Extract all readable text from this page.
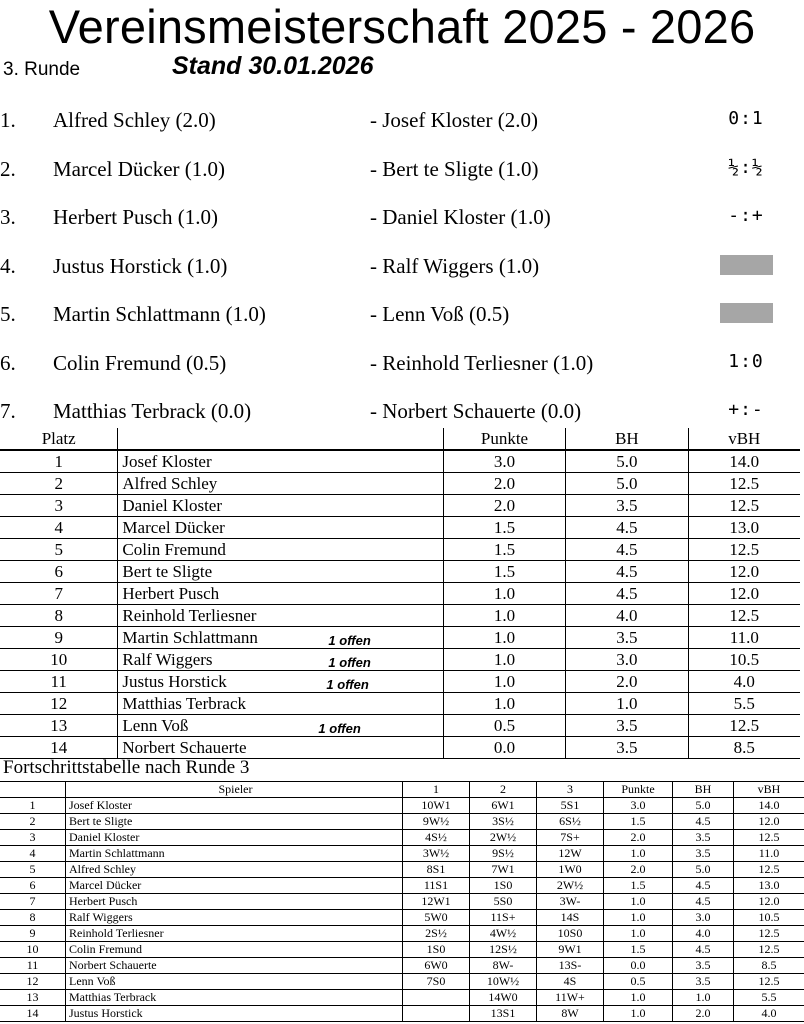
Vereinsmeisterschaft 2025 - 2026
3. Runde	Stand 30.01.2026
1. Alfred Schley (2.0)	- Josef Kloster (2.0)	0:1
2. Marcel Dücker (1.0)	- Bert te Sligte (1.0)	½:½
3. Herbert Pusch (1.0)	- Daniel Kloster (1.0)	-:+
4. Justus Horstick (1.0)	- Ralf Wiggers (1.0)
5. Martin Schlattmann (1.0)	- Lenn Voß (0.5)
6. Colin Fremund (0.5)	- Reinhold Terliesner (1.0)	1:0
7. Matthias Terbrack (0.0)	- Norbert Schauerte (0.0)	+:-
Platz		Punkte	BH	vBH
1	Josef Kloster	3.0	5.0	14.0
2	Alfred Schley	2.0	5.0	12.5
3	Daniel Kloster	2.0	3.5	12.5
4	Marcel Dücker	1.5	4.5	13.0
5	Colin Fremund	1.5	4.5	12.5
6	Bert te Sligte	1.5	4.5	12.0
7	Herbert Pusch	1.0	4.5	12.0
8	Reinhold Terliesner	1.0	4.0	12.5
9	Martin Schlattmann 1 offen	1.0	3.5	11.0
10	Ralf Wiggers 1 offen	1.0	3.0	10.5
11	Justus Horstick 1 offen	1.0	2.0	4.0
12	Matthias Terbrack	1.0	1.0	5.5
13	Lenn Voß 1 offen	0.5	3.5	12.5
14	Norbert Schauerte	0.0	3.5	8.5
Fortschrittstabelle nach Runde 3
	Spieler	1	2	3	Punkte	BH	vBH
1	Josef Kloster	10W1	6W1	5S1	3.0	5.0	14.0
2	Bert te Sligte	9W½	3S½	6S½	1.5	4.5	12.0
3	Daniel Kloster	4S½	2W½	7S+	2.0	3.5	12.5
4	Martin Schlattmann	3W½	9S½	12W	1.0	3.5	11.0
5	Alfred Schley	8S1	7W1	1W0	2.0	5.0	12.5
6	Marcel Dücker	11S1	1S0	2W½	1.5	4.5	13.0
7	Herbert Pusch	12W1	5S0	3W-	1.0	4.5	12.0
8	Ralf Wiggers	5W0	11S+	14S	1.0	3.0	10.5
9	Reinhold Terliesner	2S½	4W½	10S0	1.0	4.0	12.5
10	Colin Fremund	1S0	12S½	9W1	1.5	4.5	12.5
11	Norbert Schauerte	6W0	8W-	13S-	0.0	3.5	8.5
12	Lenn Voß	7S0	10W½	4S	0.5	3.5	12.5
13	Matthias Terbrack		14W0	11W+	1.0	1.0	5.5
14	Justus Horstick		13S1	8W	1.0	2.0	4.0
